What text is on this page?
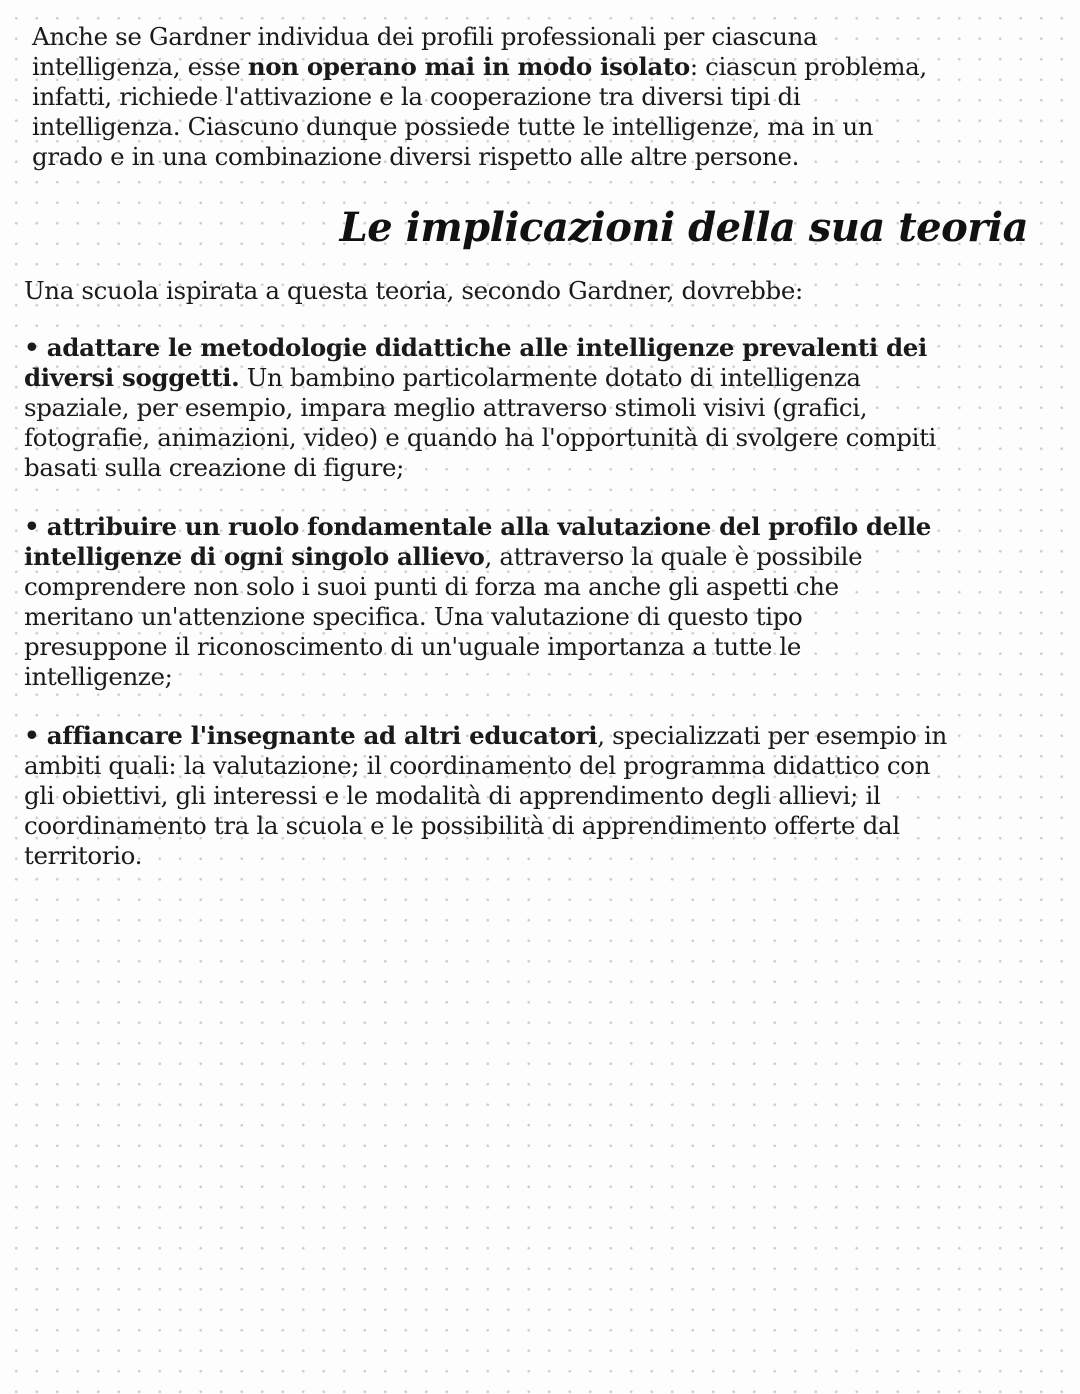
Anche se Gardner individua dei profili professionali per ciascuna
intelligenza, esse non operano mai in modo isolato: ciascun problema,
infatti, richiede l'attivazione e la cooperazione tra diversi tipi di
intelligenza. Ciascuno dunque possiede tutte le intelligenze, ma in un
grado e in una combinazione diversi rispetto alle altre persone.

Le implicazioni della sua teoria

Una scuola ispirata a questa teoria, secondo Gardner, dovrebbe:

• adattare le metodologie didattiche alle intelligenze prevalenti dei
diversi soggetti. Un bambino particolarmente dotato di intelligenza
spaziale, per esempio, impara meglio attraverso stimoli visivi (grafici,
fotografie, animazioni, video) e quando ha l'opportunità di svolgere compiti
basati sulla creazione di figure;

• attribuire un ruolo fondamentale alla valutazione del profilo delle
intelligenze di ogni singolo allievo, attraverso la quale è possibile
comprendere non solo i suoi punti di forza ma anche gli aspetti che
meritano un'attenzione specifica. Una valutazione di questo tipo
presuppone il riconoscimento di un'uguale importanza a tutte le
intelligenze;

• affiancare l'insegnante ad altri educatori, specializzati per esempio in
ambiti quali: la valutazione; il coordinamento del programma didattico con
gli obiettivi, gli interessi e le modalità di apprendimento degli allievi; il
coordinamento tra la scuola e le possibilità di apprendimento offerte dal
territorio.
